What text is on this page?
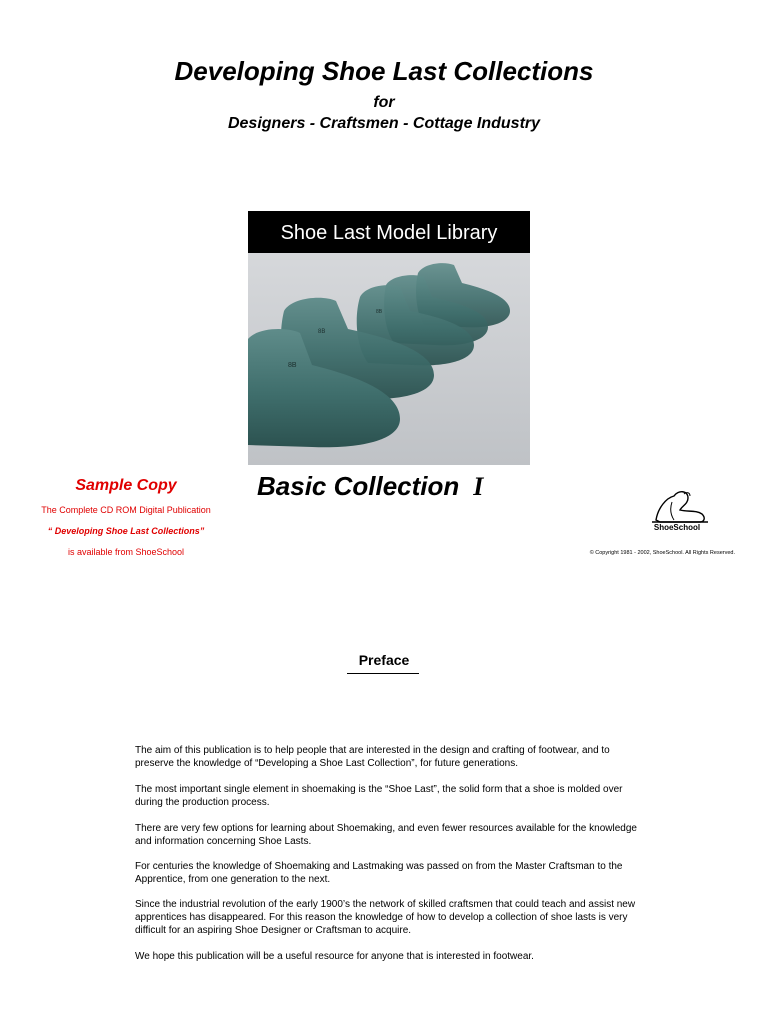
Developing Shoe Last Collections
for
Designers - Craftsmen - Cottage Industry
Shoe Last Model Library
8B
8B
8B
Basic Collection I
Sample Copy
The Complete CD ROM Digital Publication
“ Developing Shoe Last Collections”
is available from ShoeSchool
ShoeSchool
© Copyright 1981 - 2002, ShoeSchool. All Rights Reserved.
Preface
The aim of this publication is to help people that are interested in the design and crafting of footwear, and to preserve the knowledge of “Developing a Shoe Last Collection”, for future generations.
The most important single element in shoemaking is the “Shoe Last”, the solid form that a shoe is molded over during the production process.
There are very few options for learning about Shoemaking, and even fewer resources available for the knowledge and information concerning Shoe Lasts.
For centuries the knowledge of Shoemaking and Lastmaking was passed on from the Master Craftsman to the Apprentice, from one generation to the next.
Since the industrial revolution of the early 1900’s the network of skilled craftsmen that could teach and assist new apprentices has disappeared. For this reason the knowledge of how to develop a collection of shoe lasts is very difficult for an aspiring Shoe Designer or Craftsman to acquire.
We hope this publication will be a useful resource for anyone that is interested in footwear.
